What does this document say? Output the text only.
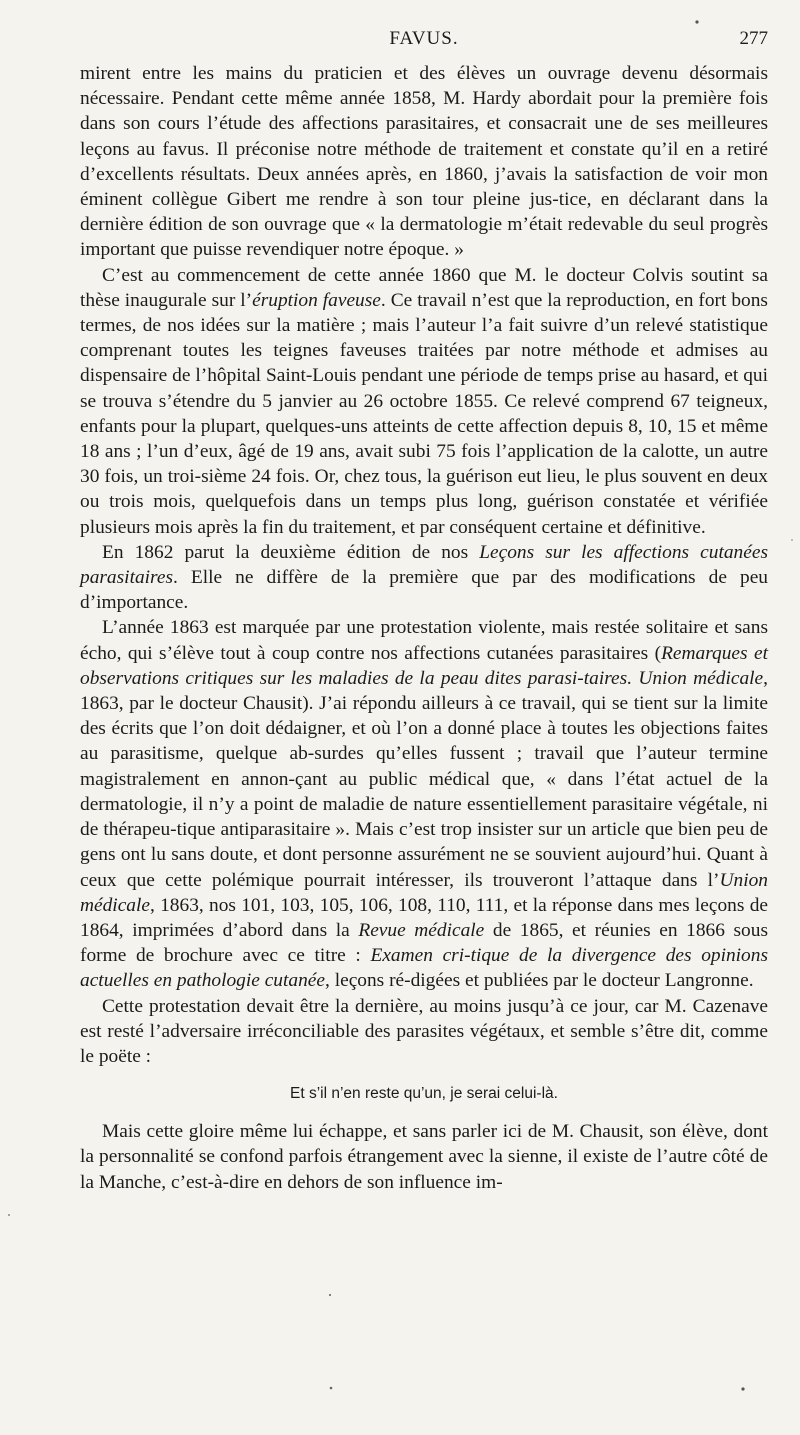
FAVUS.	277

mirent entre les mains du praticien et des élèves un ouvrage devenu désormais nécessaire. Pendant cette même année 1858, M. Hardy abordait pour la première fois dans son cours l’étude des affections parasitaires, et consacrait une de ses meilleures leçons au favus. Il préconise notre méthode de traitement et constate qu’il en a retiré d’excellents résultats. Deux années après, en 1860, j’avais la satisfaction de voir mon éminent collègue Gibert me rendre à son tour pleine jus-tice, en déclarant dans la dernière édition de son ouvrage que « la dermatologie m’était redevable du seul progrès important que puisse revendiquer notre époque. »

C’est au commencement de cette année 1860 que M. le docteur Colvis soutint sa thèse inaugurale sur l’éruption faveuse. Ce travail n’est que la reproduction, en fort bons termes, de nos idées sur la matière ; mais l’auteur l’a fait suivre d’un relevé statistique comprenant toutes les teignes faveuses traitées par notre méthode et admises au dispensaire de l’hôpital Saint-Louis pendant une période de temps prise au hasard, et qui se trouva s’étendre du 5 janvier au 26 octobre 1855. Ce relevé comprend 67 teigneux, enfants pour la plupart, quelques-uns atteints de cette affection depuis 8, 10, 15 et même 18 ans ; l’un d’eux, âgé de 19 ans, avait subi 75 fois l’application de la calotte, un autre 30 fois, un troi-sième 24 fois. Or, chez tous, la guérison eut lieu, le plus souvent en deux ou trois mois, quelquefois dans un temps plus long, guérison constatée et vérifiée plusieurs mois après la fin du traitement, et par conséquent certaine et définitive.

En 1862 parut la deuxième édition de nos Leçons sur les affections cutanées parasitaires. Elle ne diffère de la première que par des modifications de peu d’importance.

L’année 1863 est marquée par une protestation violente, mais restée solitaire et sans écho, qui s’élève tout à coup contre nos affections cutanées parasitaires (Remarques et observations critiques sur les maladies de la peau dites parasi-taires. Union médicale, 1863, par le docteur Chausit). J’ai répondu ailleurs à ce travail, qui se tient sur la limite des écrits que l’on doit dédaigner, et où l’on a donné place à toutes les objections faites au parasitisme, quelque ab-surdes qu’elles fussent ; travail que l’auteur termine magistralement en annon-çant au public médical que, « dans l’état actuel de la dermatologie, il n’y a point de maladie de nature essentiellement parasitaire végétale, ni de thérapeu-tique antiparasitaire ». Mais c’est trop insister sur un article que bien peu de gens ont lu sans doute, et dont personne assurément ne se souvient aujourd’hui. Quant à ceux que cette polémique pourrait intéresser, ils trouveront l’attaque dans l’Union médicale, 1863, nos 101, 103, 105, 106, 108, 110, 111, et la réponse dans mes leçons de 1864, imprimées d’abord dans la Revue médicale de 1865, et réunies en 1866 sous forme de brochure avec ce titre : Examen cri-tique de la divergence des opinions actuelles en pathologie cutanée, leçons ré-digées et publiées par le docteur Langronne.

Cette protestation devait être la dernière, au moins jusqu’à ce jour, car M. Cazenave est resté l’adversaire irréconciliable des parasites végétaux, et semble s’être dit, comme le poëte :

Et s’il n’en reste qu’un, je serai celui-là.

Mais cette gloire même lui échappe, et sans parler ici de M. Chausit, son élève, dont la personnalité se confond parfois étrangement avec la sienne, il existe de l’autre côté de la Manche, c’est-à-dire en dehors de son influence im-
